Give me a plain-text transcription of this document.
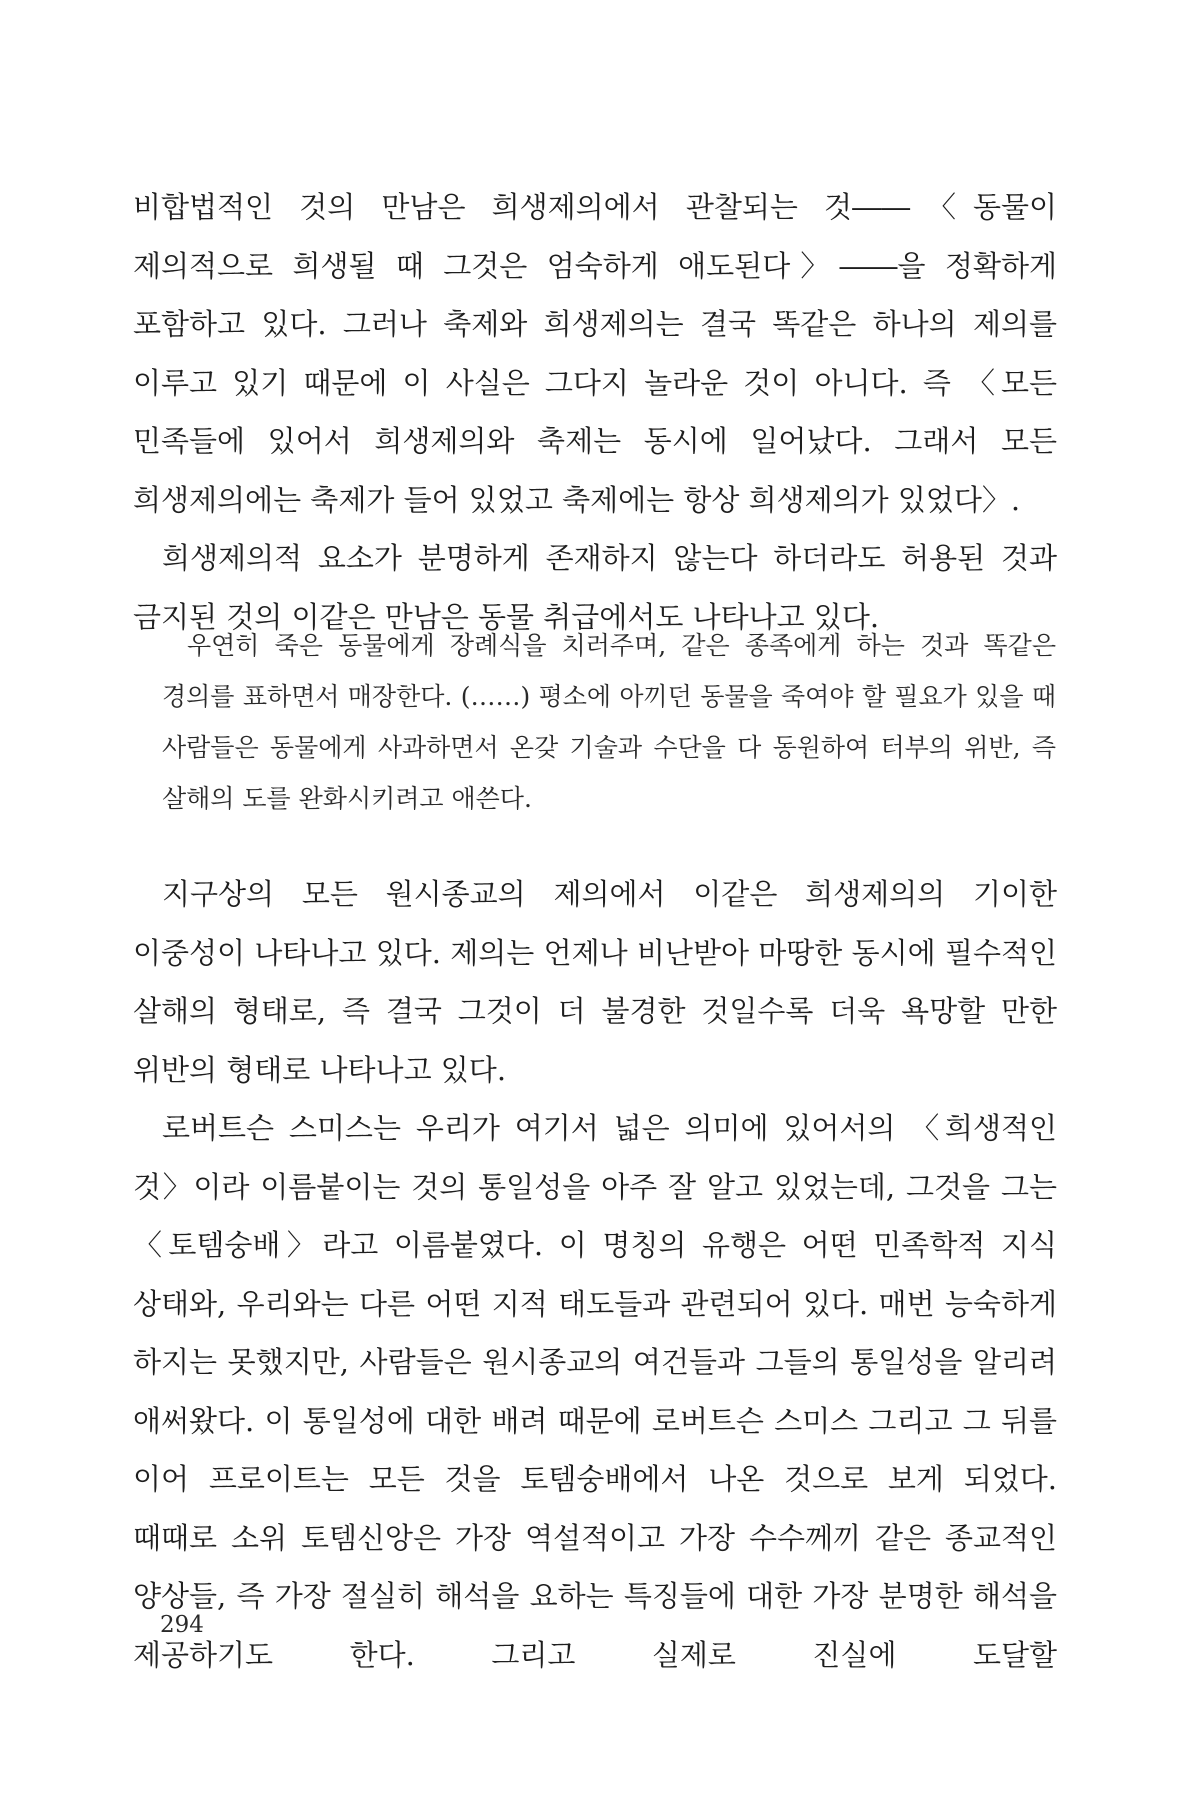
비합법적인 것의 만남은 희생제의에서 관찰되는 것――〈동물이 제의적으로 희생될 때 그것은 엄숙하게 애도된다〉――을 정확하게 포함하고 있다. 그러나 축제와 희생제의는 결국 똑같은 하나의 제의를 이루고 있기 때문에 이 사실은 그다지 놀라운 것이 아니다. 즉 〈모든 민족들에 있어서 희생제의와 축제는 동시에 일어났다. 그래서 모든 희생제의에는 축제가 들어 있었고 축제에는 항상 희생제의가 있었다〉.

희생제의적 요소가 분명하게 존재하지 않는다 하더라도 허용된 것과 금지된 것의 이같은 만남은 동물 취급에서도 나타나고 있다.

우연히 죽은 동물에게 장례식을 치러주며, 같은 종족에게 하는 것과 똑같은 경의를 표하면서 매장한다. (……) 평소에 아끼던 동물을 죽여야 할 필요가 있을 때 사람들은 동물에게 사과하면서 온갖 기술과 수단을 다 동원하여 터부의 위반, 즉 살해의 도를 완화시키려고 애쓴다.

지구상의 모든 원시종교의 제의에서 이같은 희생제의의 기이한 이중성이 나타나고 있다. 제의는 언제나 비난받아 마땅한 동시에 필수적인 살해의 형태로, 즉 결국 그것이 더 불경한 것일수록 더욱 욕망할 만한 위반의 형태로 나타나고 있다.

로버트슨 스미스는 우리가 여기서 넓은 의미에 있어서의 〈희생적인 것〉이라 이름붙이는 것의 통일성을 아주 잘 알고 있었는데, 그것을 그는 〈토템숭배〉라고 이름붙였다. 이 명칭의 유행은 어떤 민족학적 지식 상태와, 우리와는 다른 어떤 지적 태도들과 관련되어 있다. 매번 능숙하게 하지는 못했지만, 사람들은 원시종교의 여건들과 그들의 통일성을 알리려 애써왔다. 이 통일성에 대한 배려 때문에 로버트슨 스미스 그리고 그 뒤를 이어 프로이트는 모든 것을 토템숭배에서 나온 것으로 보게 되었다. 때때로 소위 토템신앙은 가장 역설적이고 가장 수수께끼 같은 종교적인 양상들, 즉 가장 절실히 해석을 요하는 특징들에 대한 가장 분명한 해석을 제공하기도 한다. 그리고 실제로 진실에 도달할

294
